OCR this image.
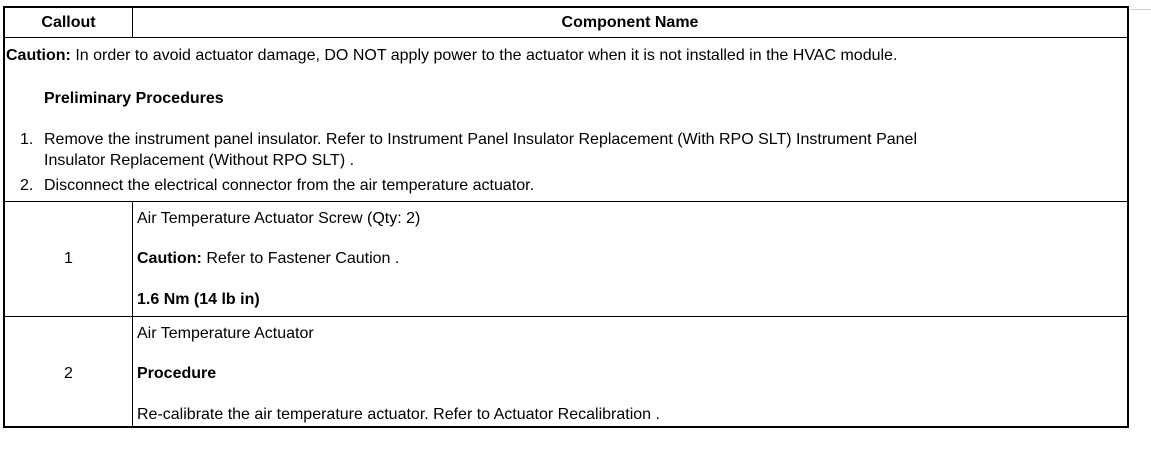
Callout	Component Name
Caution: In order to avoid actuator damage, DO NOT apply power to the actuator when it is not installed in the HVAC module.
Preliminary Procedures
1. Remove the instrument panel insulator. Refer to Instrument Panel Insulator Replacement (With RPO SLT) Instrument Panel
Insulator Replacement (Without RPO SLT) .
2. Disconnect the electrical connector from the air temperature actuator.
1
Air Temperature Actuator Screw (Qty: 2)
Caution: Refer to Fastener Caution .
1.6 Nm (14 lb in)
2
Air Temperature Actuator
Procedure
Re-calibrate the air temperature actuator. Refer to Actuator Recalibration .
